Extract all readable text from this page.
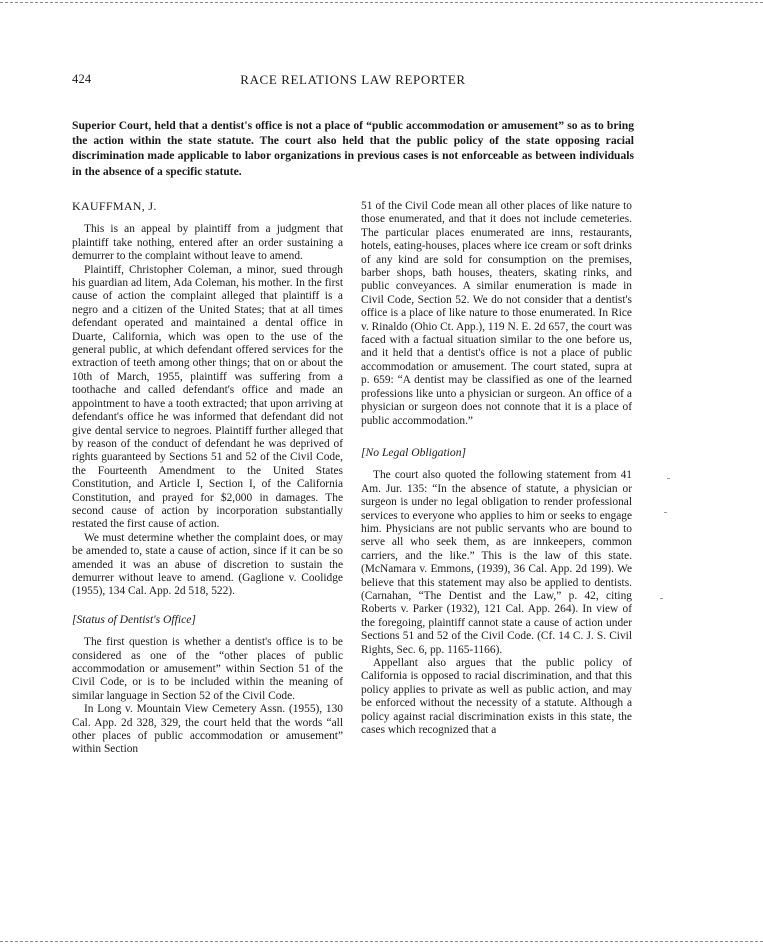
424	RACE RELATIONS LAW REPORTER

Superior Court, held that a dentist's office is not a place of “public accommodation or amusement” so as to bring the action within the state statute. The court also held that the public policy of the state opposing racial discrimination made applicable to labor organizations in previous cases is not enforceable as between individuals in the absence of a specific statute.

KAUFFMAN, J.

This is an appeal by plaintiff from a judgment that plaintiff take nothing, entered after an order sustaining a demurrer to the complaint without leave to amend.

Plaintiff, Christopher Coleman, a minor, sued through his guardian ad litem, Ada Coleman, his mother. In the first cause of action the complaint alleged that plaintiff is a negro and a citizen of the United States; that at all times defendant operated and maintained a dental office in Duarte, California, which was open to the use of the general public, at which defendant offered services for the extraction of teeth among other things; that on or about the 10th of March, 1955, plaintiff was suffering from a toothache and called defendant's office and made an appointment to have a tooth extracted; that upon arriving at defendant's office he was informed that defendant did not give dental service to negroes. Plaintiff further alleged that by reason of the conduct of defendant he was deprived of rights guaranteed by Sections 51 and 52 of the Civil Code, the Fourteenth Amendment to the United States Constitution, and Article I, Section I, of the California Constitution, and prayed for $2,000 in damages. The second cause of action by incorporation substantially restated the first cause of action.

We must determine whether the complaint does, or may be amended to, state a cause of action, since if it can be so amended it was an abuse of discretion to sustain the demurrer without leave to amend. (Gaglione v. Coolidge (1955), 134 Cal. App. 2d 518, 522).

[Status of Dentist's Office]

The first question is whether a dentist's office is to be considered as one of the “other places of public accommodation or amusement” within Section 51 of the Civil Code, or is to be included within the meaning of similar language in Section 52 of the Civil Code.

In Long v. Mountain View Cemetery Assn. (1955), 130 Cal. App. 2d 328, 329, the court held that the words “all other places of public accommodation or amusement” within Section

51 of the Civil Code mean all other places of like nature to those enumerated, and that it does not include cemeteries. The particular places enumerated are inns, restaurants, hotels, eating-houses, places where ice cream or soft drinks of any kind are sold for consumption on the premises, barber shops, bath houses, theaters, skating rinks, and public conveyances. A similar enumeration is made in Civil Code, Section 52. We do not consider that a dentist's office is a place of like nature to those enumerated. In Rice v. Rinaldo (Ohio Ct. App.), 119 N. E. 2d 657, the court was faced with a factual situation similar to the one before us, and it held that a dentist's office is not a place of public accommodation or amusement. The court stated, supra at p. 659: “A dentist may be classified as one of the learned professions like unto a physician or surgeon. An office of a physician or surgeon does not connote that it is a place of public accommodation.”

[No Legal Obligation]

The court also quoted the following statement from 41 Am. Jur. 135: “In the absence of statute, a physician or surgeon is under no legal obligation to render professional services to everyone who applies to him or seeks to engage him. Physicians are not public servants who are bound to serve all who seek them, as are innkeepers, common carriers, and the like.” This is the law of this state. (McNamara v. Emmons, (1939), 36 Cal. App. 2d 199). We believe that this statement may also be applied to dentists. (Carnahan, “The Dentist and the Law,” p. 42, citing Roberts v. Parker (1932), 121 Cal. App. 264). In view of the foregoing, plaintiff cannot state a cause of action under Sections 51 and 52 of the Civil Code. (Cf. 14 C. J. S. Civil Rights, Sec. 6, pp. 1165-1166).

Appellant also argues that the public policy of California is opposed to racial discrimination, and that this policy applies to private as well as public action, and may be enforced without the necessity of a statute. Although a policy against racial discrimination exists in this state, the cases which recognized that a
